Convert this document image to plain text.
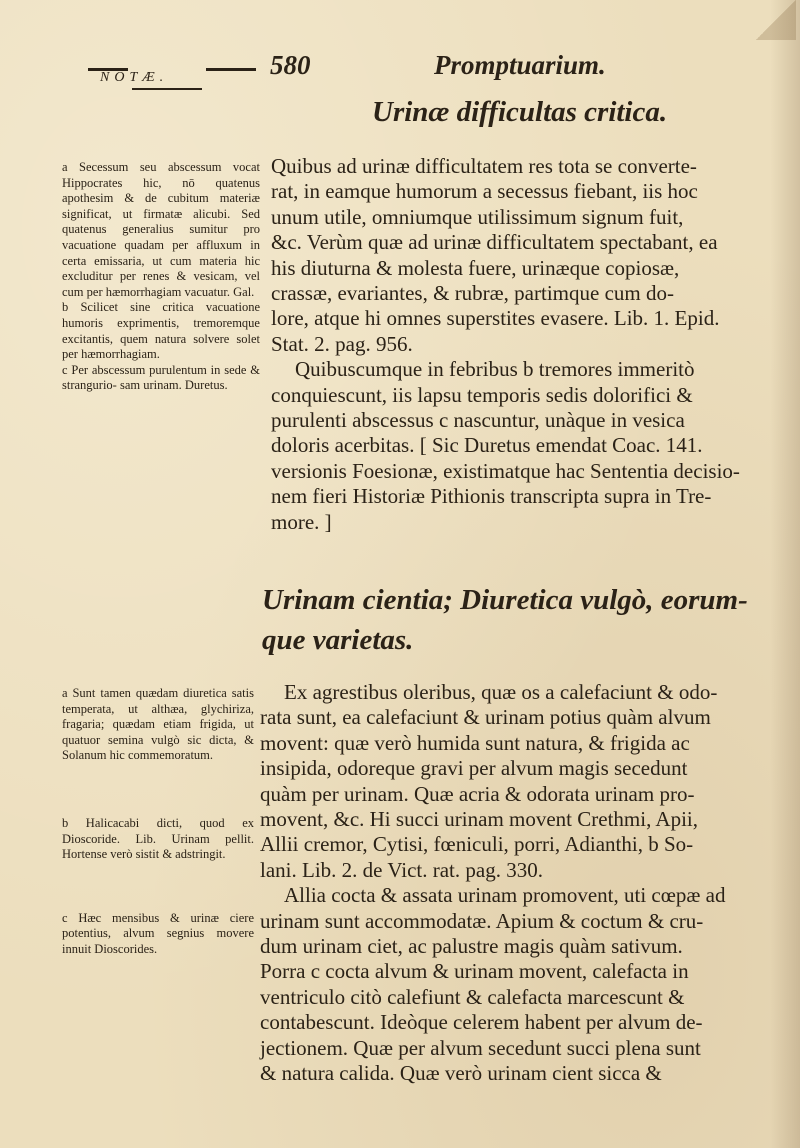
NOTÆ.	580	Promptuarium.
Urinæ difficultas critica.

Quibus ad urinæ difficultatem res tota se converte-

rat, in eamque humorum a secessus fiebant, iis hoc

unum utile, omniumque utilissimum signum fuit,

&c. Verùm quæ ad urinæ difficultatem spectabant, ea

his diuturna & molesta fuere, urinæque copiosæ,

crassæ, evariantes, & rubræ, partimque cum do-

lore, atque hi omnes superstites evasere. Lib. 1. Epid.

Stat. 2. pag. 956.

Quibuscumque in febribus b tremores immeritò

conquiescunt, iis lapsu temporis sedis dolorifici &

purulenti abscessus c nascuntur, unàque in vesica

doloris acerbitas. [ Sic Duretus emendat Coac. 141.

versionis Foesionæ, existimatque hac Sententia decisio-

nem fieri Historiæ Pithionis transcripta supra in Tre-

more. ]

a Secessum seu abscessum vocat Hippocrates hic, nō quatenus apothesim & de cubitum materiæ significat, ut firmatæ alicubi. Sed quatenus generalius sumitur pro vacuatione quadam per affluxum in certa emissaria, ut cum materia hic excluditur per renes & vesicam, vel cum per hæmorrhagiam vacuatur. Gal.

b Scilicet sine critica vacuatione humoris exprimentis, tremoremque excitantis, quem natura solvere solet per hæmorrhagiam.

c Per abscessum purulentum in sede & strangurio- sam urinam. Duretus.

Urinam cientia; Diuretica vulgò, eorum- que varietas.

Ex agrestibus oleribus, quæ os a calefaciunt & odo-

rata sunt, ea calefaciunt & urinam potius quàm alvum

movent: quæ verò humida sunt natura, & frigida ac

insipida, odoreque gravi per alvum magis secedunt

quàm per urinam. Quæ acria & odorata urinam pro-

movent, &c. Hi succi urinam movent Crethmi, Apii,

Allii cremor, Cytisi, fœniculi, porri, Adianthi, b So-

lani. Lib. 2. de Vict. rat. pag. 330.

Allia cocta & assata urinam promovent, uti cœpæ ad

urinam sunt accommodatæ. Apium & coctum & cru-

dum urinam ciet, ac palustre magis quàm sativum.

Porra c cocta alvum & urinam movent, calefacta in

ventriculo citò calefiunt & calefacta marcescunt &

contabescunt. Ideòque celerem habent per alvum de-

jectionem. Quæ per alvum secedunt succi plena sunt

& natura calida. Quæ verò urinam cient sicca &

a Sunt tamen quædam diuretica satis temperata, ut althæa, glychiriza, fragaria; quædam etiam frigida, ut quatuor semina vulgò sic dicta, & Solanum hic commemoratum.

b Halicacabi dicti, quod ex Dioscoride. Lib. Urinam pellit. Hortense verò sistit & adstringit.

c Hæc mensibus & urinæ ciere potentius, alvum segnius movere innuit Dioscorides.
